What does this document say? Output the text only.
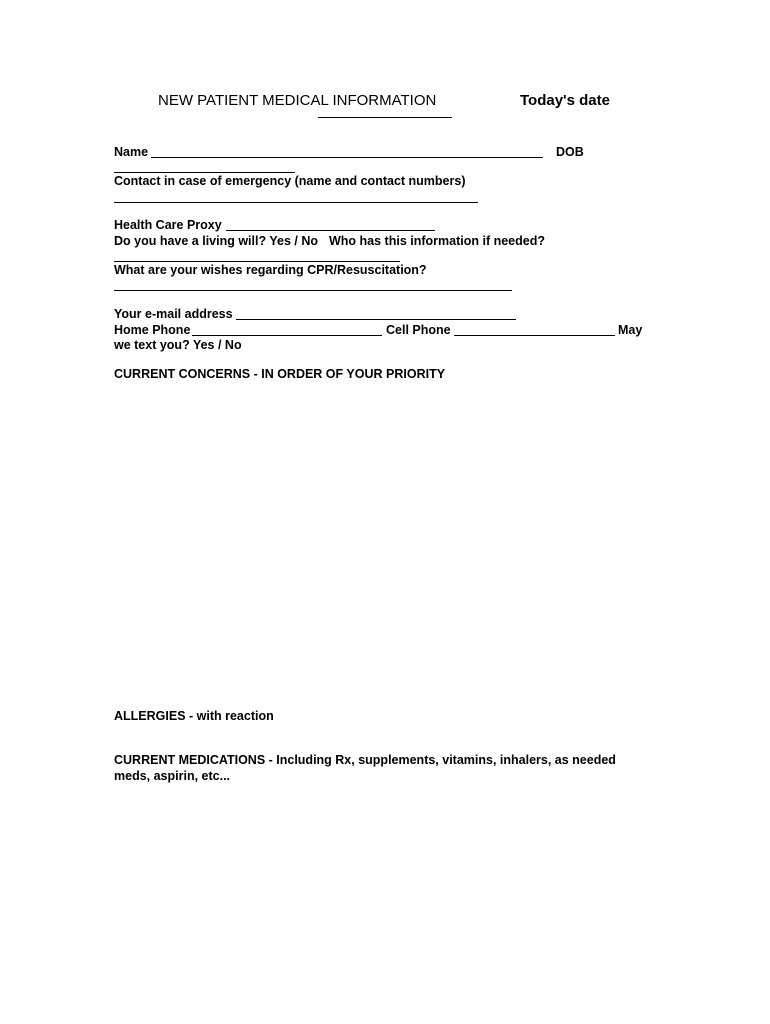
NEW PATIENT MEDICAL INFORMATION	Today's date
Name	DOB
Contact in case of emergency (name and contact numbers)
Health Care Proxy
Do you have a living will? Yes / No Who has this information if needed?
What are your wishes regarding CPR/Resuscitation?
Your e-mail address
Home Phone	Cell Phone	May
we text you? Yes / No
CURRENT CONCERNS - IN ORDER OF YOUR PRIORITY
ALLERGIES - with reaction
CURRENT MEDICATIONS - Including Rx, supplements, vitamins, inhalers, as needed
meds, aspirin, etc...
